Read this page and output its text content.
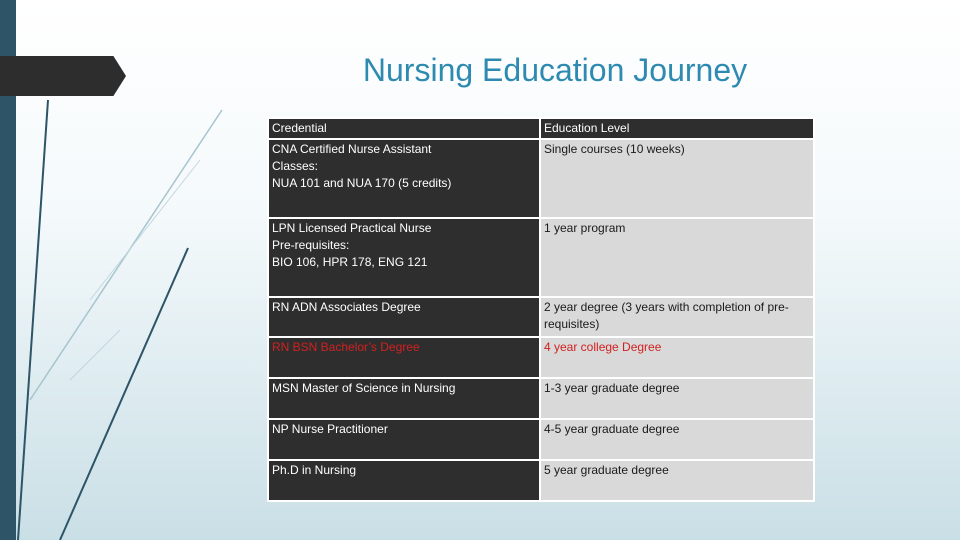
Nursing Education Journey
Credential	Education Level

CNA Certified Nurse Assistant
Classes:
NUA 101 and NUA 170 (5 credits)	Single courses (10 weeks)

LPN Licensed Practical Nurse
Pre-requisites:
BIO 106, HPR 178, ENG 121	1 year program
RN ADN Associates Degree	2 year degree (3 years with completion of pre-requisites)
RN BSN Bachelor’s Degree	4 year college Degree
MSN Master of Science in Nursing	1-3 year graduate degree
NP Nurse Practitioner	4-5 year graduate degree
Ph.D in Nursing	5 year graduate degree
